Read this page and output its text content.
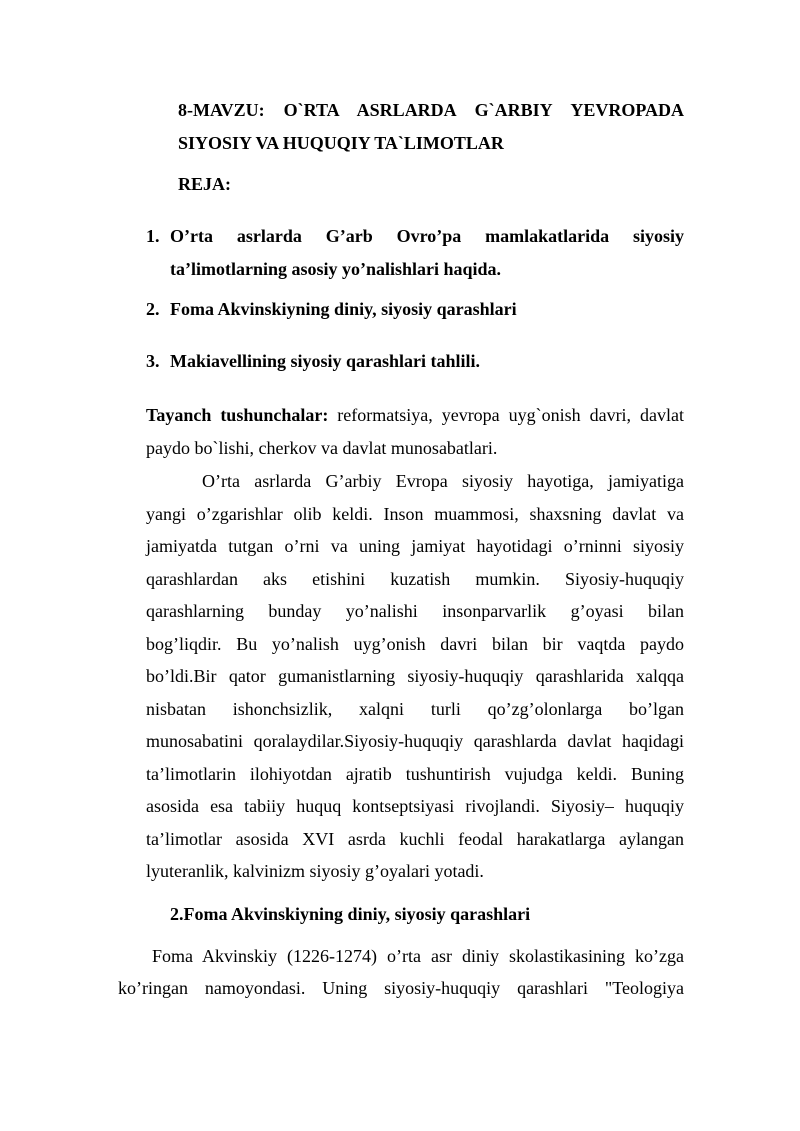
8-MAVZU: O`RTA ASRLARDA G`ARBIY YEVROPADA
SIYOSIY VA HUQUQIY TA`LIMOTLAR
REJA:
1. O’rta asrlarda G’arb Ovro’pa mamlakatlarida siyosiy
ta’limotlarning asosiy yo’nalishlari haqida.
2. Foma Akvinskiyning diniy, siyosiy qarashlari
3. Makiavellining siyosiy qarashlari tahlili.
Tayanch tushunchalar: reformatsiya, yevropa uyg`onish davri, davlat
paydo bo`lishi, cherkov va davlat munosabatlari.
O’rta asrlarda G’arbiy Evropa siyosiy hayotiga, jamiyatiga
yangi o’zgarishlar olib keldi. Inson muammosi, shaxsning davlat va
jamiyatda tutgan o’rni va uning jamiyat hayotidagi o’rninni siyosiy
qarashlardan aks etishini kuzatish mumkin. Siyosiy-huquqiy
qarashlarning bunday yo’nalishi insonparvarlik g’oyasi bilan
bog’liqdir. Bu yo’nalish uyg’onish davri bilan bir vaqtda paydo
bo’ldi.Bir qator gumanistlarning siyosiy-huquqiy qarashlarida xalqqa
nisbatan ishonchsizlik, xalqni turli qo’zg’olonlarga bo’lgan
munosabatini qoralaydilar.Siyosiy-huquqiy qarashlarda davlat haqidagi
ta’limotlarin ilohiyotdan ajratib tushuntirish vujudga keldi. Buning
asosida esa tabiiy huquq kontseptsiyasi rivojlandi. Siyosiy– huquqiy
ta’limotlar asosida XVI asrda kuchli feodal harakatlarga aylangan
lyuteranlik, kalvinizm siyosiy g’oyalari yotadi.
2.Foma Akvinskiyning diniy, siyosiy qarashlari
Foma Akvinskiy (1226-1274) o’rta asr diniy skolastikasining ko’zga
ko’ringan namoyondasi. Uning siyosiy-huquqiy qarashlari "Teologiya
